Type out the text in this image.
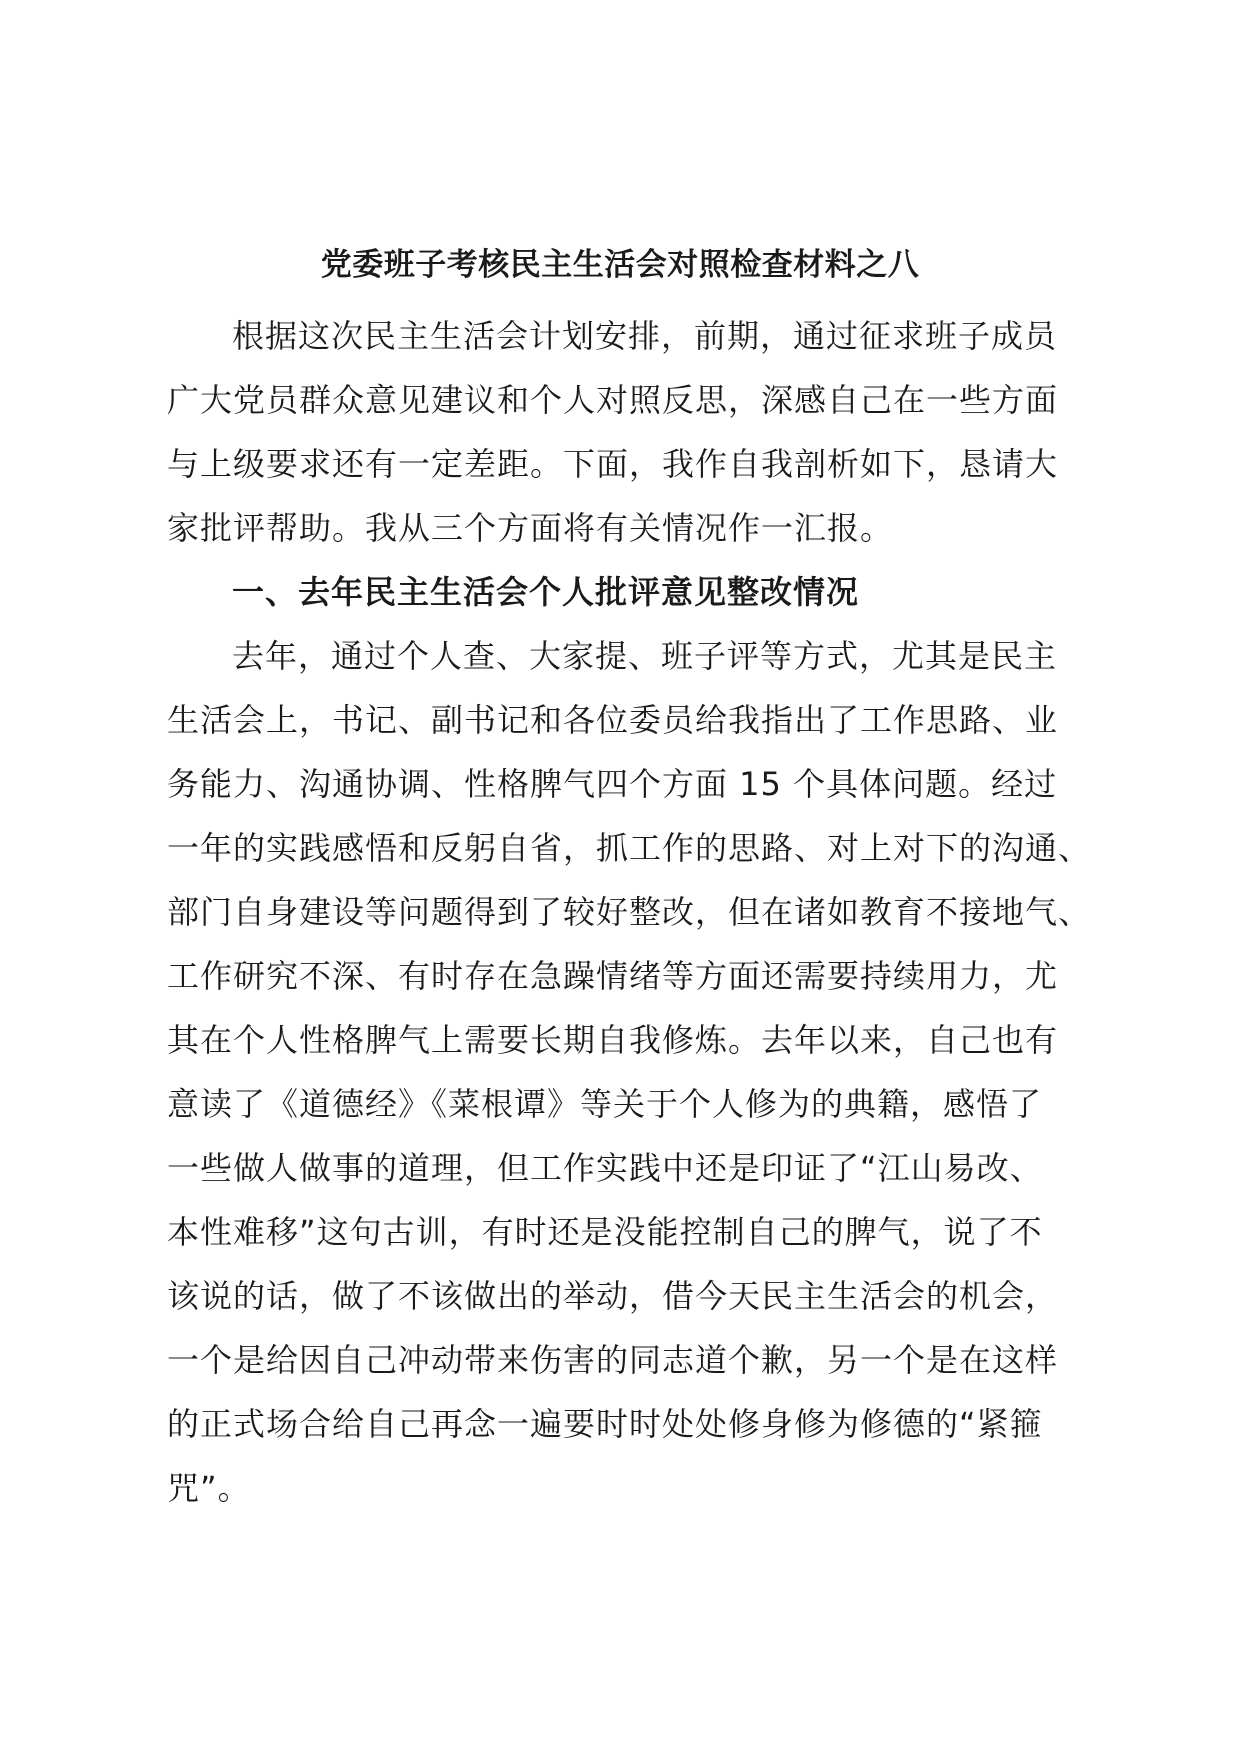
党委班子考核民主生活会对照检查材料之八
根据这次民主生活会计划安排，前期，通过征求班子成员
广大党员群众意见建议和个人对照反思，深感自己在一些方面
与上级要求还有一定差距。下面，我作自我剖析如下，恳请大
家批评帮助。我从三个方面将有关情况作一汇报。
一、去年民主生活会个人批评意见整改情况
去年，通过个人查、大家提、班子评等方式，尤其是民主
生活会上，书记、副书记和各位委员给我指出了工作思路、业
务能力、沟通协调、性格脾气四个方面 15 个具体问题。经过
一年的实践感悟和反躬自省，抓工作的思路、对上对下的沟通、
部门自身建设等问题得到了较好整改，但在诸如教育不接地气、
工作研究不深、有时存在急躁情绪等方面还需要持续用力，尤
其在个人性格脾气上需要长期自我修炼。去年以来，自己也有
意读了《道德经》《菜根谭》等关于个人修为的典籍，感悟了
一些做人做事的道理，但工作实践中还是印证了“江山易改、
本性难移”这句古训，有时还是没能控制自己的脾气，说了不
该说的话，做了不该做出的举动，借今天民主生活会的机会，
一个是给因自己冲动带来伤害的同志道个歉，另一个是在这样
的正式场合给自己再念一遍要时时处处修身修为修德的“紧箍
咒”。
